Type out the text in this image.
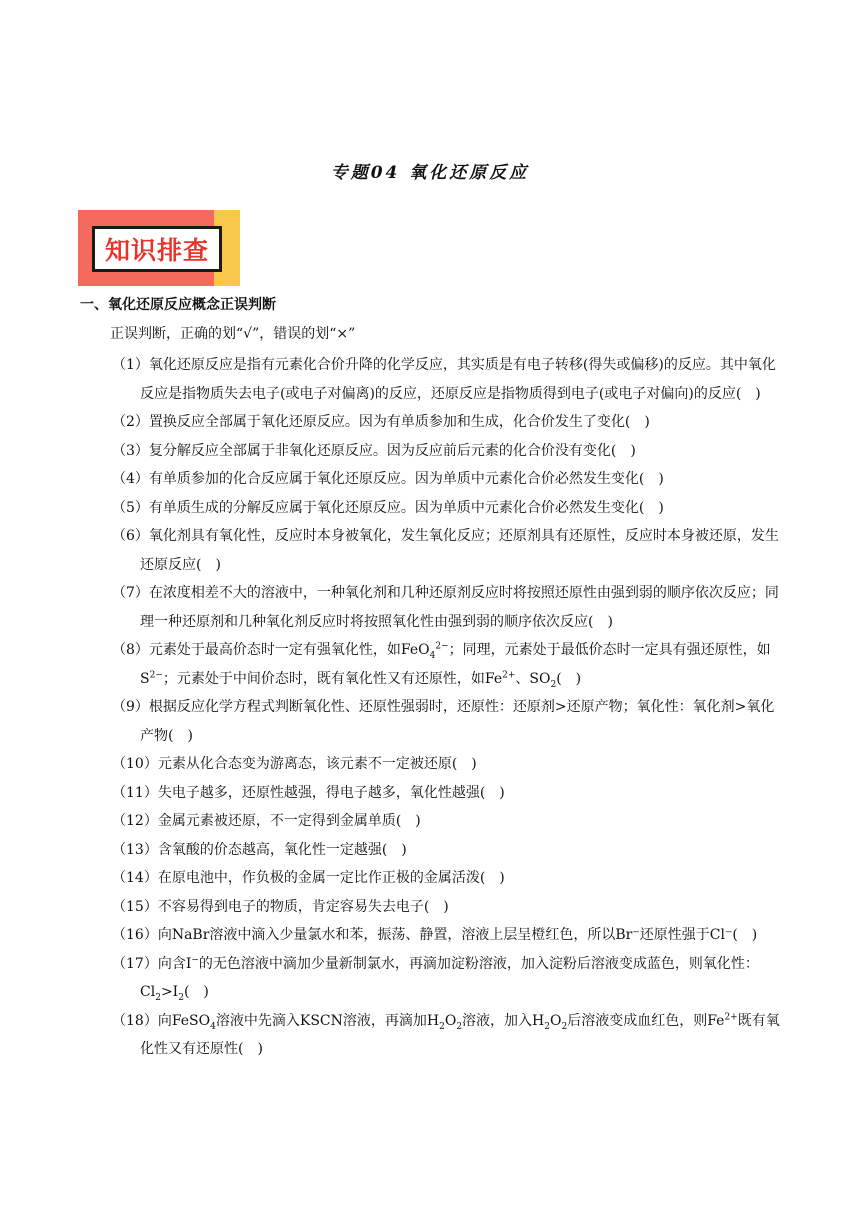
专题04 氧化还原反应
知识排查
一、氧化还原反应概念正误判断
正误判断，正确的划“√”，错误的划“×”

（1）氧化还原反应是指有元素化合价升降的化学反应，其实质是有电子转移(得失或偏移)的反应。其中氧化反应是指物质失去电子(或电子对偏离)的反应，还原反应是指物质得到电子(或电子对偏向)的反应(　)

（2）置换反应全部属于氧化还原反应。因为有单质参加和生成，化合价发生了变化(　)

（3）复分解反应全部属于非氧化还原反应。因为反应前后元素的化合价没有变化(　)

（4）有单质参加的化合反应属于氧化还原反应。因为单质中元素化合价必然发生变化(　)

（5）有单质生成的分解反应属于氧化还原反应。因为单质中元素化合价必然发生变化(　)

（6）氧化剂具有氧化性，反应时本身被氧化，发生氧化反应；还原剂具有还原性，反应时本身被还原，发生还原反应(　)

（7）在浓度相差不大的溶液中，一种氧化剂和几种还原剂反应时将按照还原性由强到弱的顺序依次反应；同理一种还原剂和几种氧化剂反应时将按照氧化性由强到弱的顺序依次反应(　)

（8）元素处于最高价态时一定有强氧化性，如FeO$_4^{2-}$；同理，元素处于最低价态时一定具有强还原性，如$S^{2-}$；元素处于中间价态时，既有氧化性又有还原性，如$Fe^{2+}$、$SO_2$(　)

（9）根据反应化学方程式判断氧化性、还原性强弱时，还原性：还原剂>还原产物；氧化性：氧化剂>氧化产物(　)

（10）元素从化合态变为游离态，该元素不一定被还原(　)

（11）失电子越多，还原性越强，得电子越多，氧化性越强(　)

（12）金属元素被还原，不一定得到金属单质(　)

（13）含氧酸的价态越高，氧化性一定越强(　)

（14）在原电池中，作负极的金属一定比作正极的金属活泼(　)

（15）不容易得到电子的物质，肯定容易失去电子(　)

（16）向NaBr溶液中滴入少量氯水和苯，振荡、静置，溶液上层呈橙红色，所以Br⁻还原性强于Cl⁻(　)

（17）向含I−的无色溶液中滴加少量新制氯水，再滴加淀粉溶液，加入淀粉后溶液变成蓝色，则氧化性：$Cl_2>I_2$(　)

（18）向FeSO$_4$溶液中先滴入KSCN溶液，再滴加$H_2O_2$溶液，加入$H_2O_2$后溶液变成血红色，则$Fe^{2+}$既有氧化性又有还原性(　)
